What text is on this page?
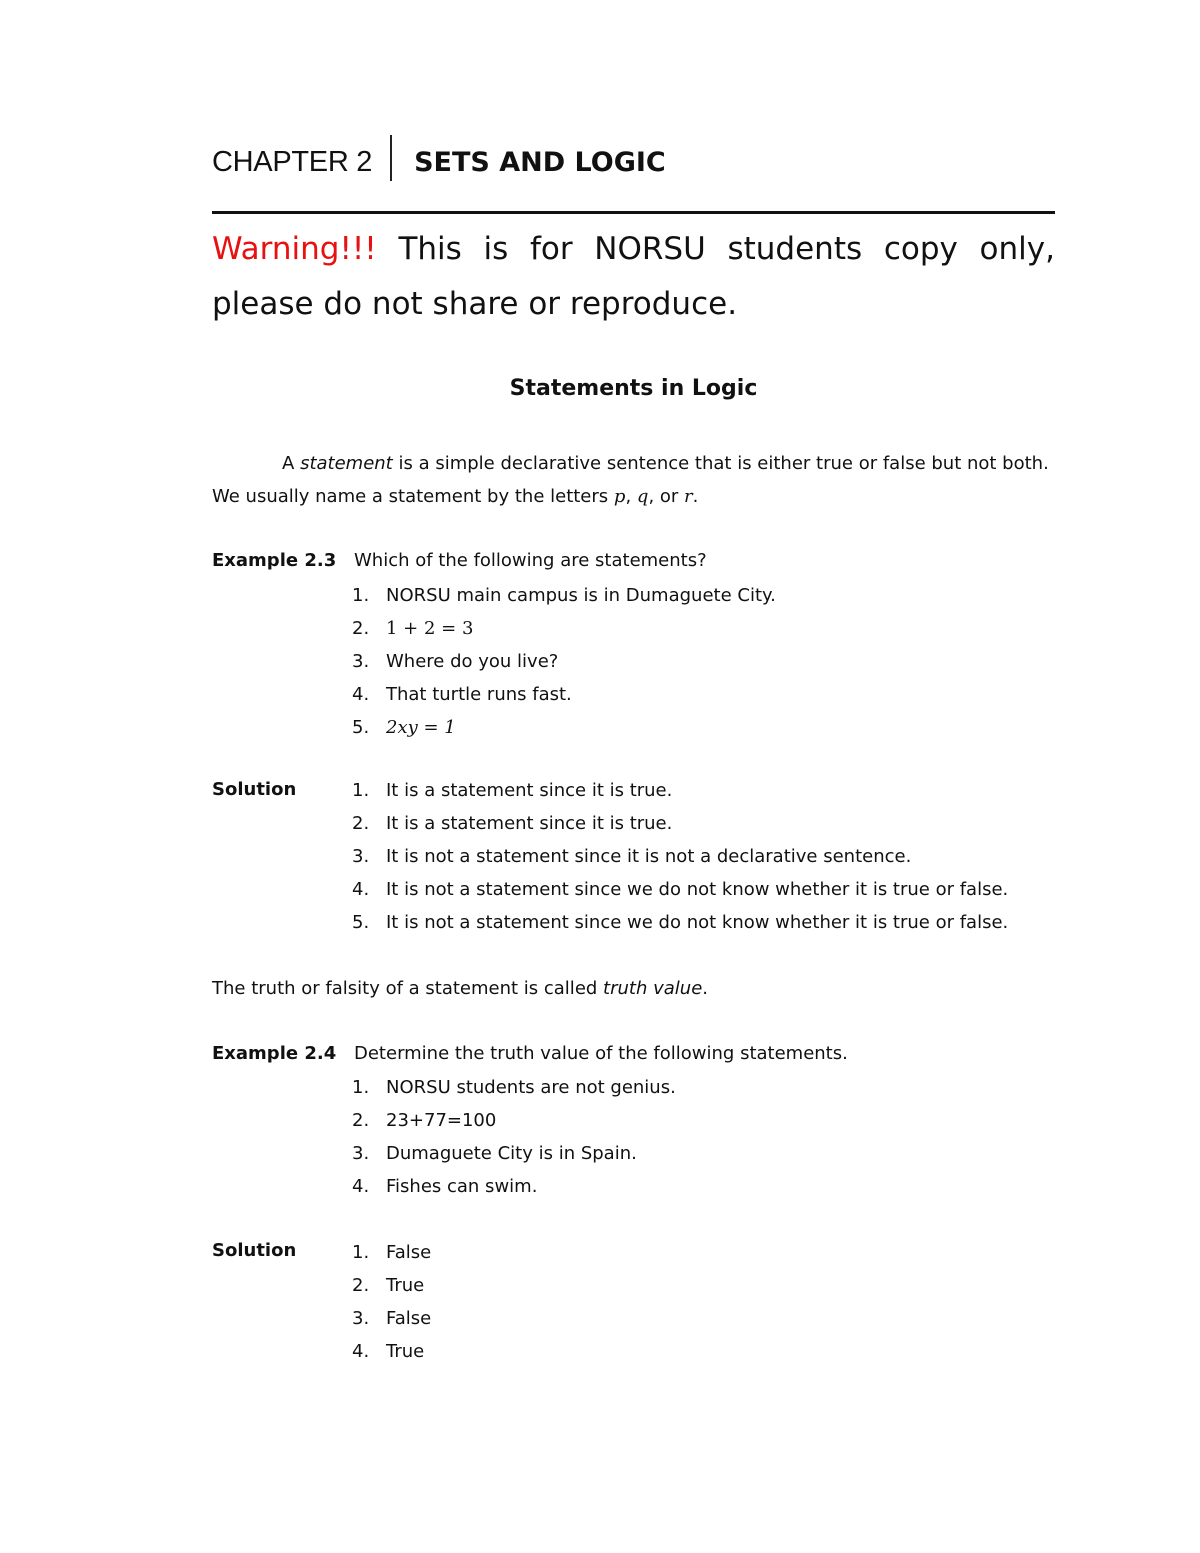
CHAPTER 2 SETS AND LOGIC
Warning!!! This is for NORSU students copy only, please do not share or reproduce.
Statements in Logic
A statement is a simple declarative sentence that is either true or false but not both.
We usually name a statement by the letters p, q, or r.
Example 2.3 Which of the following are statements?
1. NORSU main campus is in Dumaguete City.
2. 1 + 2 = 3
3. Where do you live?
4. That turtle runs fast.
5. 2xy = 1
Solution	1. It is a statement since it is true.
2. It is a statement since it is true.
3. It is not a statement since it is not a declarative sentence.
4. It is not a statement since we do not know whether it is true or false.
5. It is not a statement since we do not know whether it is true or false.
The truth or falsity of a statement is called truth value.
Example 2.4 Determine the truth value of the following statements.
1. NORSU students are not genius.
2. 23+77=100
3. Dumaguete City is in Spain.
4. Fishes can swim.
Solution	1. False
2. True
3. False
4. True
